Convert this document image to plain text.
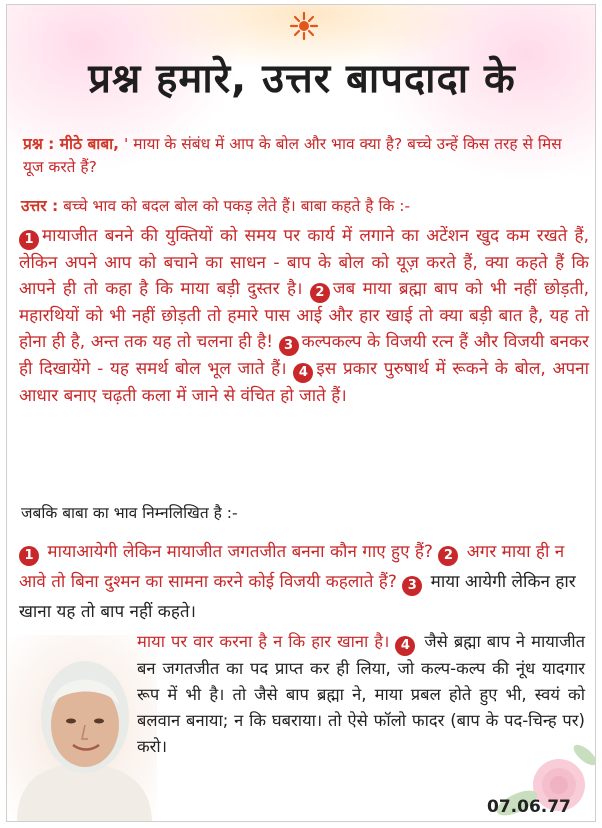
प्रश्न हमारे, उत्तर बापदादा के
प्रश्न : मीठे बाबा, ' माया के संबंध में आप के बोल और भाव क्या है? बच्चे उन्हें किस तरह से मिस यूज करते हैं?
उत्तर : बच्चे भाव को बदल बोल को पकड़ लेते हैं। बाबा कहते है कि :-
1 मायाजीत बनने की युक्तियों को समय पर कार्य में लगाने का अटेंशन खुद कम रखते हैं, लेकिन अपने आप को बचाने का साधन - बाप के बोल को यूज़ करते हैं, क्या कहते हैं कि आपने ही तो कहा है कि माया बड़ी दुस्तर है। 2 जब माया ब्रह्मा बाप को भी नहीं छोड़ती, महारथियों को भी नहीं छोड़ती तो हमारे पास आई और हार खाई तो क्या बड़ी बात है, यह तो होना ही है, अन्त तक यह तो चलना ही है! 3 कल्पकल्प के विजयी रत्न हैं और विजयी बनकर ही दिखायेंगे - यह समर्थ बोल भूल जाते हैं। 4 इस प्रकार पुरुषार्थ में रूकने के बोल, अपना आधार बनाए चढ़ती कला में जाने से वंचित हो जाते हैं।
जबकि बाबा का भाव निम्नलिखित है :-
1 मायाआयेगी लेकिन मायाजीत जगतजीत बनना कौन गाए हुए हैं? 2 अगर माया ही न आवे तो बिना दुश्मन का सामना करने कोई विजयी कहलाते हैं? 3 माया आयेगी लेकिन हार खाना यह तो बाप नहीं कहते।
माया पर वार करना है न कि हार खाना है। 4 जैसे ब्रह्मा बाप ने मायाजीत बन जगतजीत का पद प्राप्त कर ही लिया, जो कल्प-कल्प की नूंध यादगार रूप में भी है। तो जैसे बाप ब्रह्मा ने, माया प्रबल होते हुए भी, स्वयं को बलवान बनाया; न कि घबराया। तो ऐसे फॉलो फादर (बाप के पद-चिन्ह पर) करो।
07.06.77
